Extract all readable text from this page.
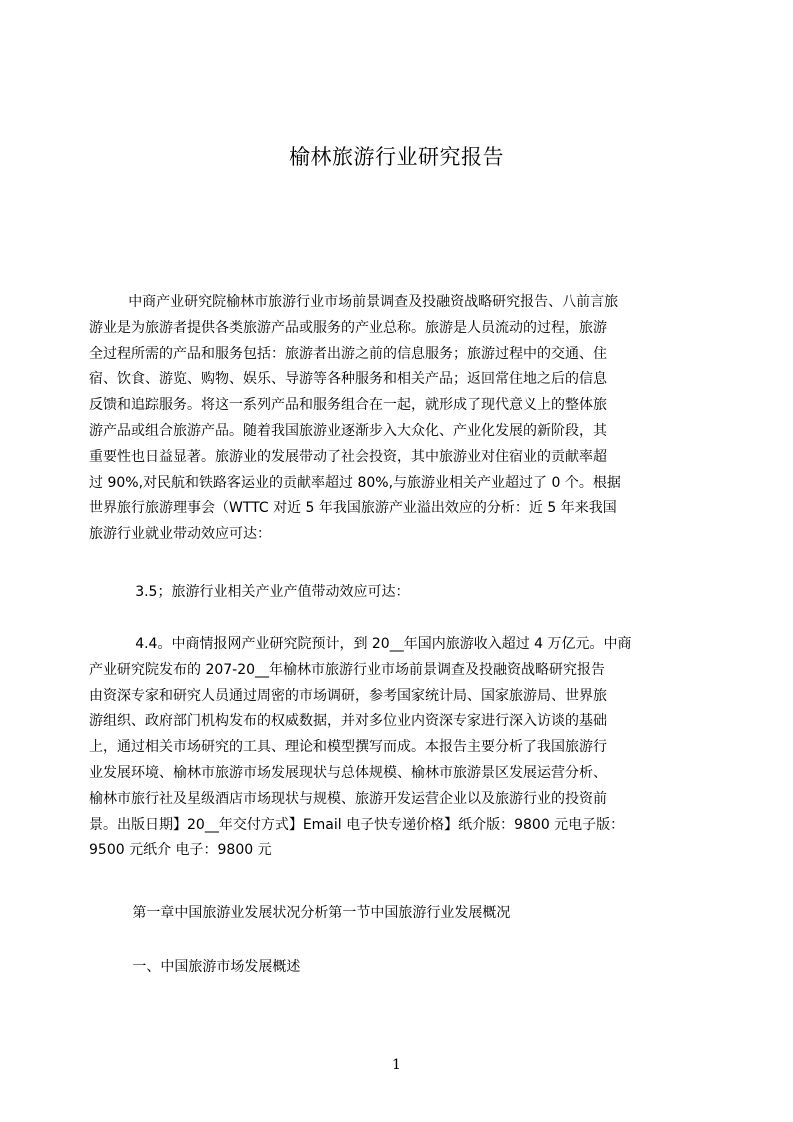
榆林旅游行业研究报告
中商产业研究院榆林市旅游行业市场前景调查及投融资战略研究报告、八前言旅
游业是为旅游者提供各类旅游产品或服务的产业总称。旅游是人员流动的过程，旅游
全过程所需的产品和服务包括：旅游者出游之前的信息服务；旅游过程中的交通、住
宿、饮食、游览、购物、娱乐、导游等各种服务和相关产品；返回常住地之后的信息
反馈和追踪服务。将这一系列产品和服务组合在一起，就形成了现代意义上的整体旅
游产品或组合旅游产品。随着我国旅游业逐渐步入大众化、产业化发展的新阶段，其
重要性也日益显著。旅游业的发展带动了社会投资，其中旅游业对住宿业的贡献率超
过 90%,对民航和铁路客运业的贡献率超过 80%,与旅游业相关产业超过了 0 个。根据
世界旅行旅游理事会（WTTC 对近 5 年我国旅游产业溢出效应的分析：近 5 年来我国
旅游行业就业带动效应可达：
3.5；旅游行业相关产业产值带动效应可达：
4.4。中商情报网产业研究院预计，到 20__年国内旅游收入超过 4 万亿元。中商
产业研究院发布的 207-20__年榆林市旅游行业市场前景调查及投融资战略研究报告
由资深专家和研究人员通过周密的市场调研，参考国家统计局、国家旅游局、世界旅
游组织、政府部门机构发布的权威数据，并对多位业内资深专家进行深入访谈的基础
上，通过相关市场研究的工具、理论和模型撰写而成。本报告主要分析了我国旅游行
业发展环境、榆林市旅游市场发展现状与总体规模、榆林市旅游景区发展运营分析、
榆林市旅行社及星级酒店市场现状与规模、旅游开发运营企业以及旅游行业的投资前
景。出版日期】20__年交付方式】Email 电子快专递价格】纸介版：9800 元电子版：
9500 元纸介 电子：9800 元
第一章中国旅游业发展状况分析第一节中国旅游行业发展概况
一、中国旅游市场发展概述
1
